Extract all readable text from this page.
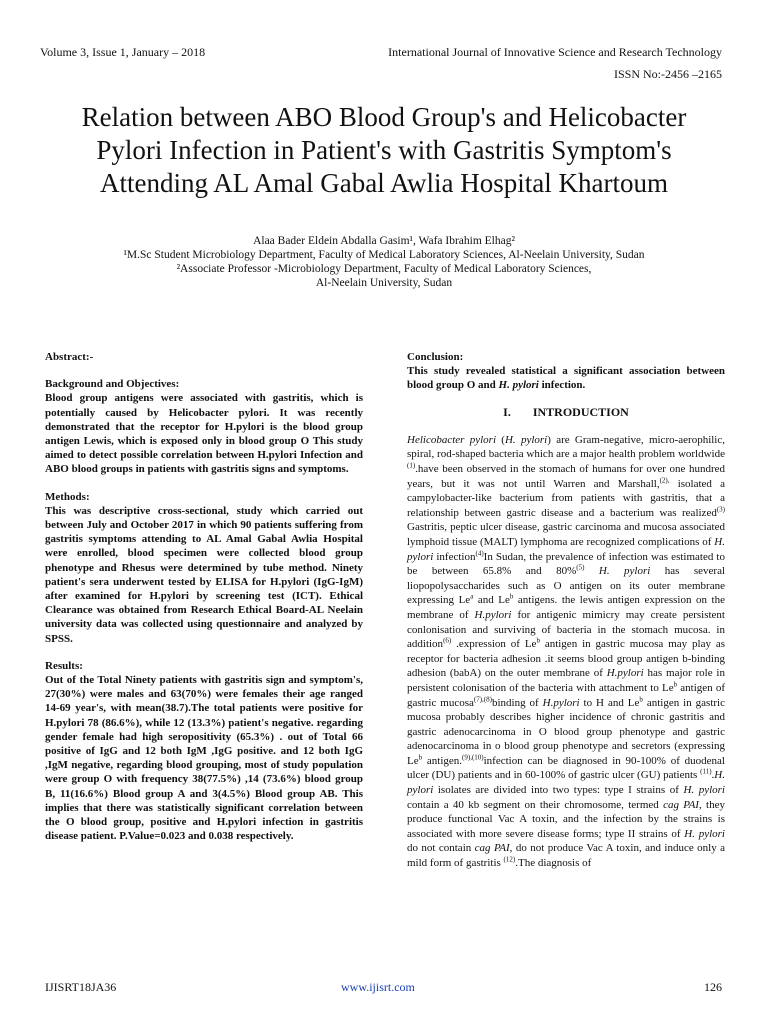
Volume 3, Issue 1, January – 2018	International Journal of Innovative Science and Research Technology
ISSN No:-2456 –2165
Relation between ABO Blood Group's and Helicobacter
Pylori Infection in Patient's with Gastritis Symptom's
Attending AL Amal Gabal Awlia Hospital Khartoum
Alaa Bader Eldein Abdalla Gasim¹, Wafa Ibrahim Elhag²
¹M.Sc Student Microbiology Department, Faculty of Medical Laboratory Sciences, Al-Neelain University, Sudan
²Associate Professor -Microbiology Department, Faculty of Medical Laboratory Sciences,
Al-Neelain University, Sudan

Abstract:-

Background and Objectives:

Blood group antigens were associated with gastritis, which is potentially caused by Helicobacter pylori. It was recently demonstrated that the receptor for H.pylori is the blood group antigen Lewis, which is exposed only in blood group O This study aimed to detect possible correlation between H.pylori Infection and ABO blood groups in patients with gastritis signs and symptoms.

Methods:

This was descriptive cross-sectional, study which carried out between July and October 2017 in which 90 patients suffering from gastritis symptoms attending to AL Amal Gabal Awlia Hospital were enrolled, blood specimen were collected blood group phenotype and Rhesus were determined by tube method. Ninety patient's sera underwent tested by ELISA for H.pylori (IgG-IgM) after examined for H.pylori by screening test (ICT). Ethical Clearance was obtained from Research Ethical Board-AL Neelain university data was collected using questionnaire and analyzed by SPSS.

Results:

Out of the Total Ninety patients with gastritis sign and symptom's, 27(30%) were males and 63(70%) were females their age ranged 14-69 year's, with mean(38.7).The total patients were positive for H.pylori 78 (86.6%), while 12 (13.3%) patient's negative. regarding gender female had high seropositivity (65.3%) . out of Total 66 positive of IgG and 12 both IgM ,IgG positive. and 12 both IgG ,IgM negative, regarding blood grouping, most of study population were group O with frequency 38(77.5%) ,14 (73.6%) blood group B, 11(16.6%) Blood group A and 3(4.5%) Blood group AB. This implies that there was statistically significant correlation between the O blood group, positive and H.pylori infection in gastritis disease patient. P.Value=0.023 and 0.038 respectively.

Conclusion:

This study revealed statistical a significant association between blood group O and H. pylori infection.

I. INTRODUCTION

Helicobacter pylori (H. pylori) are Gram-negative, micro-aerophilic, spiral, rod-shaped bacteria which are a major health problem worldwide $^{(1)}$.have been observed in the stomach of humans for over one hundred years, but it was not until Warren and Marshall,$^{(2),}$ isolated a campylobacter-like bacterium from patients with gastritis, that a relationship between gastric disease and a bacterium was realized$^{(3)}$ Gastritis, peptic ulcer disease, gastric carcinoma and mucosa associated lymphoid tissue (MALT) lymphoma are recognized complications of H. pylori infection$^{(4)}$In Sudan, the prevalence of infection was estimated to be between 65.8% and 80%$^{(5)}$ H. pylori has several liopopolysaccharides such as O antigen on its outer membrane expressing Le$^a$ and Le$^b$ antigens. the lewis antigen expression on the membrane of H.pylori for antigenic mimicry may create persistent conlonisation and surviving of bacteria in the stomach mucosa. in addition$^{(6)}$ .expression of Le$^b$ antigen in gastric mucosa may play as receptor for bacteria adhesion .it seems blood group antigen b-binding adhesion (babA) on the outer membrane of H.pylori has major role in persistent colonisation of the bacteria with attachment to Le$^b$ antigen of gastric mucosa$^{(7),(8)}$binding of H.pylori to H and Le$^b$ antigen in gastric mucosa probably describes higher incidence of chronic gastritis and gastric adenocarcinoma in O blood group phenotype and gastric adenocarcinoma in o blood group phenotype and secretors (expressing Le$^b$ antigen.$^{(9),(10)}$infection can be diagnosed in 90-100% of duodenal ulcer (DU) patients and in 60-100% of gastric ulcer (GU) patients $^{(11)}$.H. pylori isolates are divided into two types: type I strains of H. pylori contain a 40 kb segment on their chromosome, termed cag PAI, they produce functional Vac A toxin, and the infection by the strains is associated with more severe disease forms; type II strains of H. pylori do not contain cag PAI, do not produce Vac A toxin, and induce only a mild form of gastritis $^{(12)}$.The diagnosis of

IJISRT18JA36	www.ijisrt.com	126
